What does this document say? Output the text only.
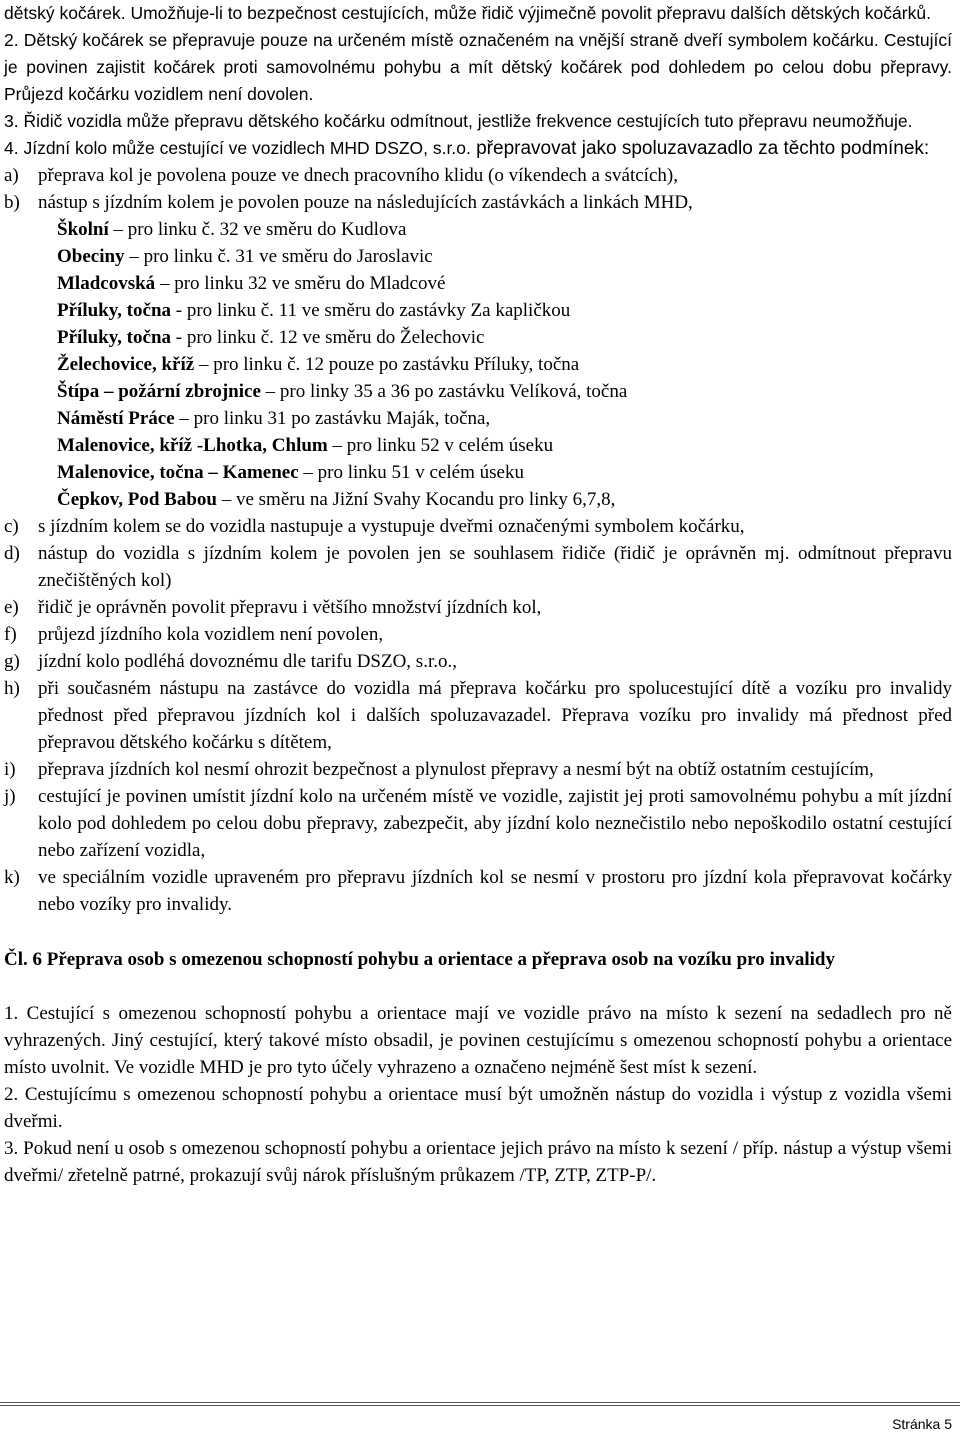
dětský kočárek. Umožňuje-li to bezpečnost cestujících, může řidič výjimečně povolit přepravu dalších dětských kočárků.

2. Dětský kočárek se přepravuje pouze na určeném místě označeném na vnější straně dveří symbolem kočárku. Cestující je povinen zajistit kočárek proti samovolnému pohybu a mít dětský kočárek pod dohledem po celou dobu přepravy. Průjezd kočárku vozidlem není dovolen.

3. Řidič vozidla může přepravu dětského kočárku odmítnout, jestliže frekvence cestujících tuto přepravu neumožňuje.

4. Jízdní kolo může cestující ve vozidlech MHD DSZO, s.r.o. přepravovat jako spoluzavazadlo za těchto podmínek:

a)	přeprava kol je povolena pouze ve dnech pracovního klidu (o víkendech a svátcích),
b) nástup s jízdním kolem je povolen pouze na následujících zastávkách a linkách MHD,
Školní – pro linku č. 32 ve směru do Kudlova
Obeciny – pro linku č. 31 ve směru do Jaroslavic
Mladcovská – pro linku 32 ve směru do Mladcové
Příluky, točna - pro linku č. 11 ve směru do zastávky Za kapličkou
Příluky, točna - pro linku č. 12 ve směru do Želechovic
Želechovice, kříž – pro linku č. 12 pouze po zastávku Příluky, točna
Štípa – požární zbrojnice – pro linky 35 a 36 po zastávku Velíková, točna
Náměstí Práce – pro linku 31 po zastávku Maják, točna,
Malenovice, kříž -Lhotka, Chlum – pro linku 52 v celém úseku
Malenovice, točna – Kamenec – pro linku 51 v celém úseku
Čepkov, Pod Babou – ve směru na Jižní Svahy Kocandu pro linky 6,7,8,
c)	s jízdním kolem se do vozidla nastupuje a vystupuje dveřmi označenými symbolem kočárku,
d) nástup do vozidla s jízdním kolem je povolen jen se souhlasem řidiče (řidič je oprávněn mj. odmítnout přepravu znečištěných kol)
e)	řidič je oprávněn povolit přepravu i většího množství jízdních kol,
f)	průjezd jízdního kola vozidlem není povolen,
g) jízdní kolo podléhá dovoznému dle tarifu DSZO, s.r.o.,
h) při současném nástupu na zastávce do vozidla má přeprava kočárku pro spolucestující dítě a vozíku pro invalidy přednost před přepravou jízdních kol i dalších spoluzavazadel. Přeprava vozíku pro invalidy má přednost před přepravou dětského kočárku s dítětem,
i)	přeprava jízdních kol nesmí ohrozit bezpečnost a plynulost přepravy a nesmí být na obtíž ostatním cestujícím,
j)	cestující je povinen umístit jízdní kolo na určeném místě ve vozidle, zajistit jej proti samovolnému pohybu a mít jízdní kolo pod dohledem po celou dobu přepravy, zabezpečit, aby jízdní kolo neznečistilo nebo nepoškodilo ostatní cestující nebo zařízení vozidla,
k) ve speciálním vozidle upraveném pro přepravu jízdních kol se nesmí v prostoru pro jízdní kola přepravovat kočárky nebo vozíky pro invalidy.
Čl. 6 Přeprava osob s omezenou schopností pohybu a orientace a přeprava osob na vozíku pro invalidy
1. Cestující s omezenou schopností pohybu a orientace mají ve vozidle právo na místo k sezení na sedadlech pro ně vyhrazených. Jiný cestující, který takové místo obsadil, je povinen cestujícímu s omezenou schopností pohybu a orientace místo uvolnit. Ve vozidle MHD je pro tyto účely vyhrazeno a označeno nejméně šest míst k sezení.
2. Cestujícímu s omezenou schopností pohybu a orientace musí být umožněn nástup do vozidla i výstup z vozidla všemi dveřmi.
3. Pokud není u osob s omezenou schopností pohybu a orientace jejich právo na místo k sezení / příp. nástup a výstup všemi dveřmi/ zřetelně patrné, prokazují svůj nárok příslušným průkazem /TP, ZTP, ZTP-P/.
Stránka 5
